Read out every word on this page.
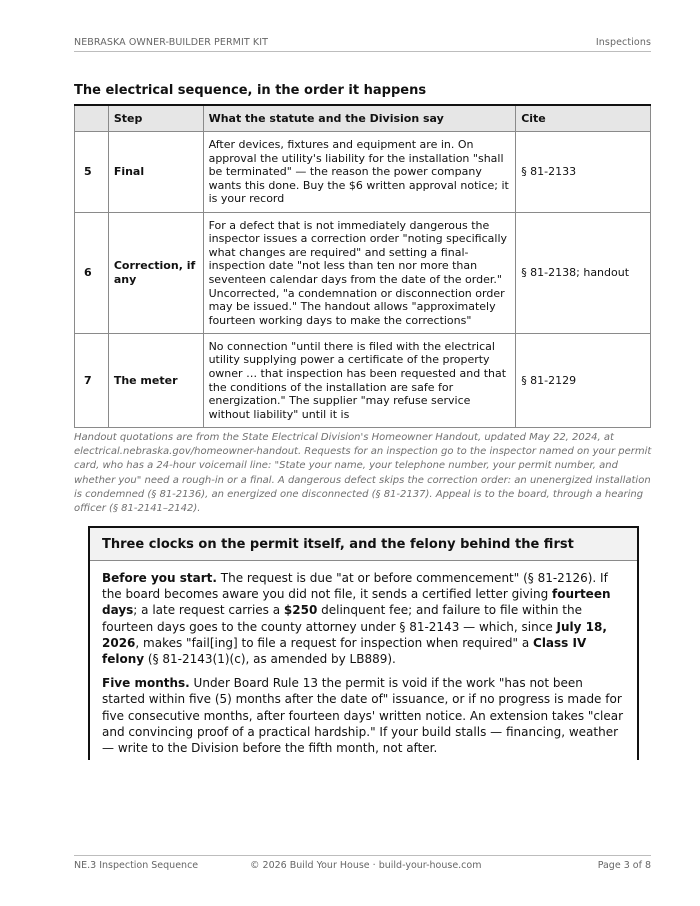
NEBRASKA OWNER-BUILDER PERMIT KIT	Inspections
The electrical sequence, in the order it happens
	Step	What the statute and the Division say	Cite
5	Final	After devices, fixtures and equipment are in. On approval the utility's liability for the installation "shall be terminated" — the reason the power company wants this done. Buy the $6 written approval notice; it is your record	§ 81-2133
6	Correction, if any	For a defect that is not immediately dangerous the inspector issues a correction order "noting specifically what changes are required" and setting a final-inspection date "not less than ten nor more than seventeen calendar days from the date of the order." Uncorrected, "a condemnation or disconnection order may be issued." The handout allows "approximately fourteen working days to make the corrections"	§ 81-2138; handout
7	The meter	No connection "until there is filed with the electrical utility supplying power a certificate of the property owner … that inspection has been requested and that the conditions of the installation are safe for energization." The supplier "may refuse service without liability" until it is	§ 81-2129
Handout quotations are from the State Electrical Division's Homeowner Handout, updated May 22, 2024, at electrical.nebraska.gov/homeowner-handout. Requests for an inspection go to the inspector named on your permit card, who has a 24-hour voicemail line: "State your name, your telephone number, your permit number, and whether you" need a rough-in or a final. A dangerous defect skips the correction order: an unenergized installation is condemned (§ 81-2136), an energized one disconnected (§ 81-2137). Appeal is to the board, through a hearing officer (§ 81-2141–2142).
Three clocks on the permit itself, and the felony behind the first

Before you start. The request is due "at or before commencement" (§ 81-2126). If the board becomes aware you did not file, it sends a certified letter giving fourteen days; a late request carries a $250 delinquent fee; and failure to file within the fourteen days goes to the county attorney under § 81-2143 — which, since July 18, 2026, makes "fail[ing] to file a request for inspection when required" a Class IV felony (§ 81-2143(1)(c), as amended by LB889).

Five months. Under Board Rule 13 the permit is void if the work "has not been started within five (5) months after the date of" issuance, or if no progress is made for five consecutive months, after fourteen days' written notice. An extension takes "clear and convincing proof of a practical hardship." If your build stalls — financing, weather — write to the Division before the fifth month, not after.

NE.3 Inspection Sequence	© 2026 Build Your House · build-your-house.com	Page 3 of 8
